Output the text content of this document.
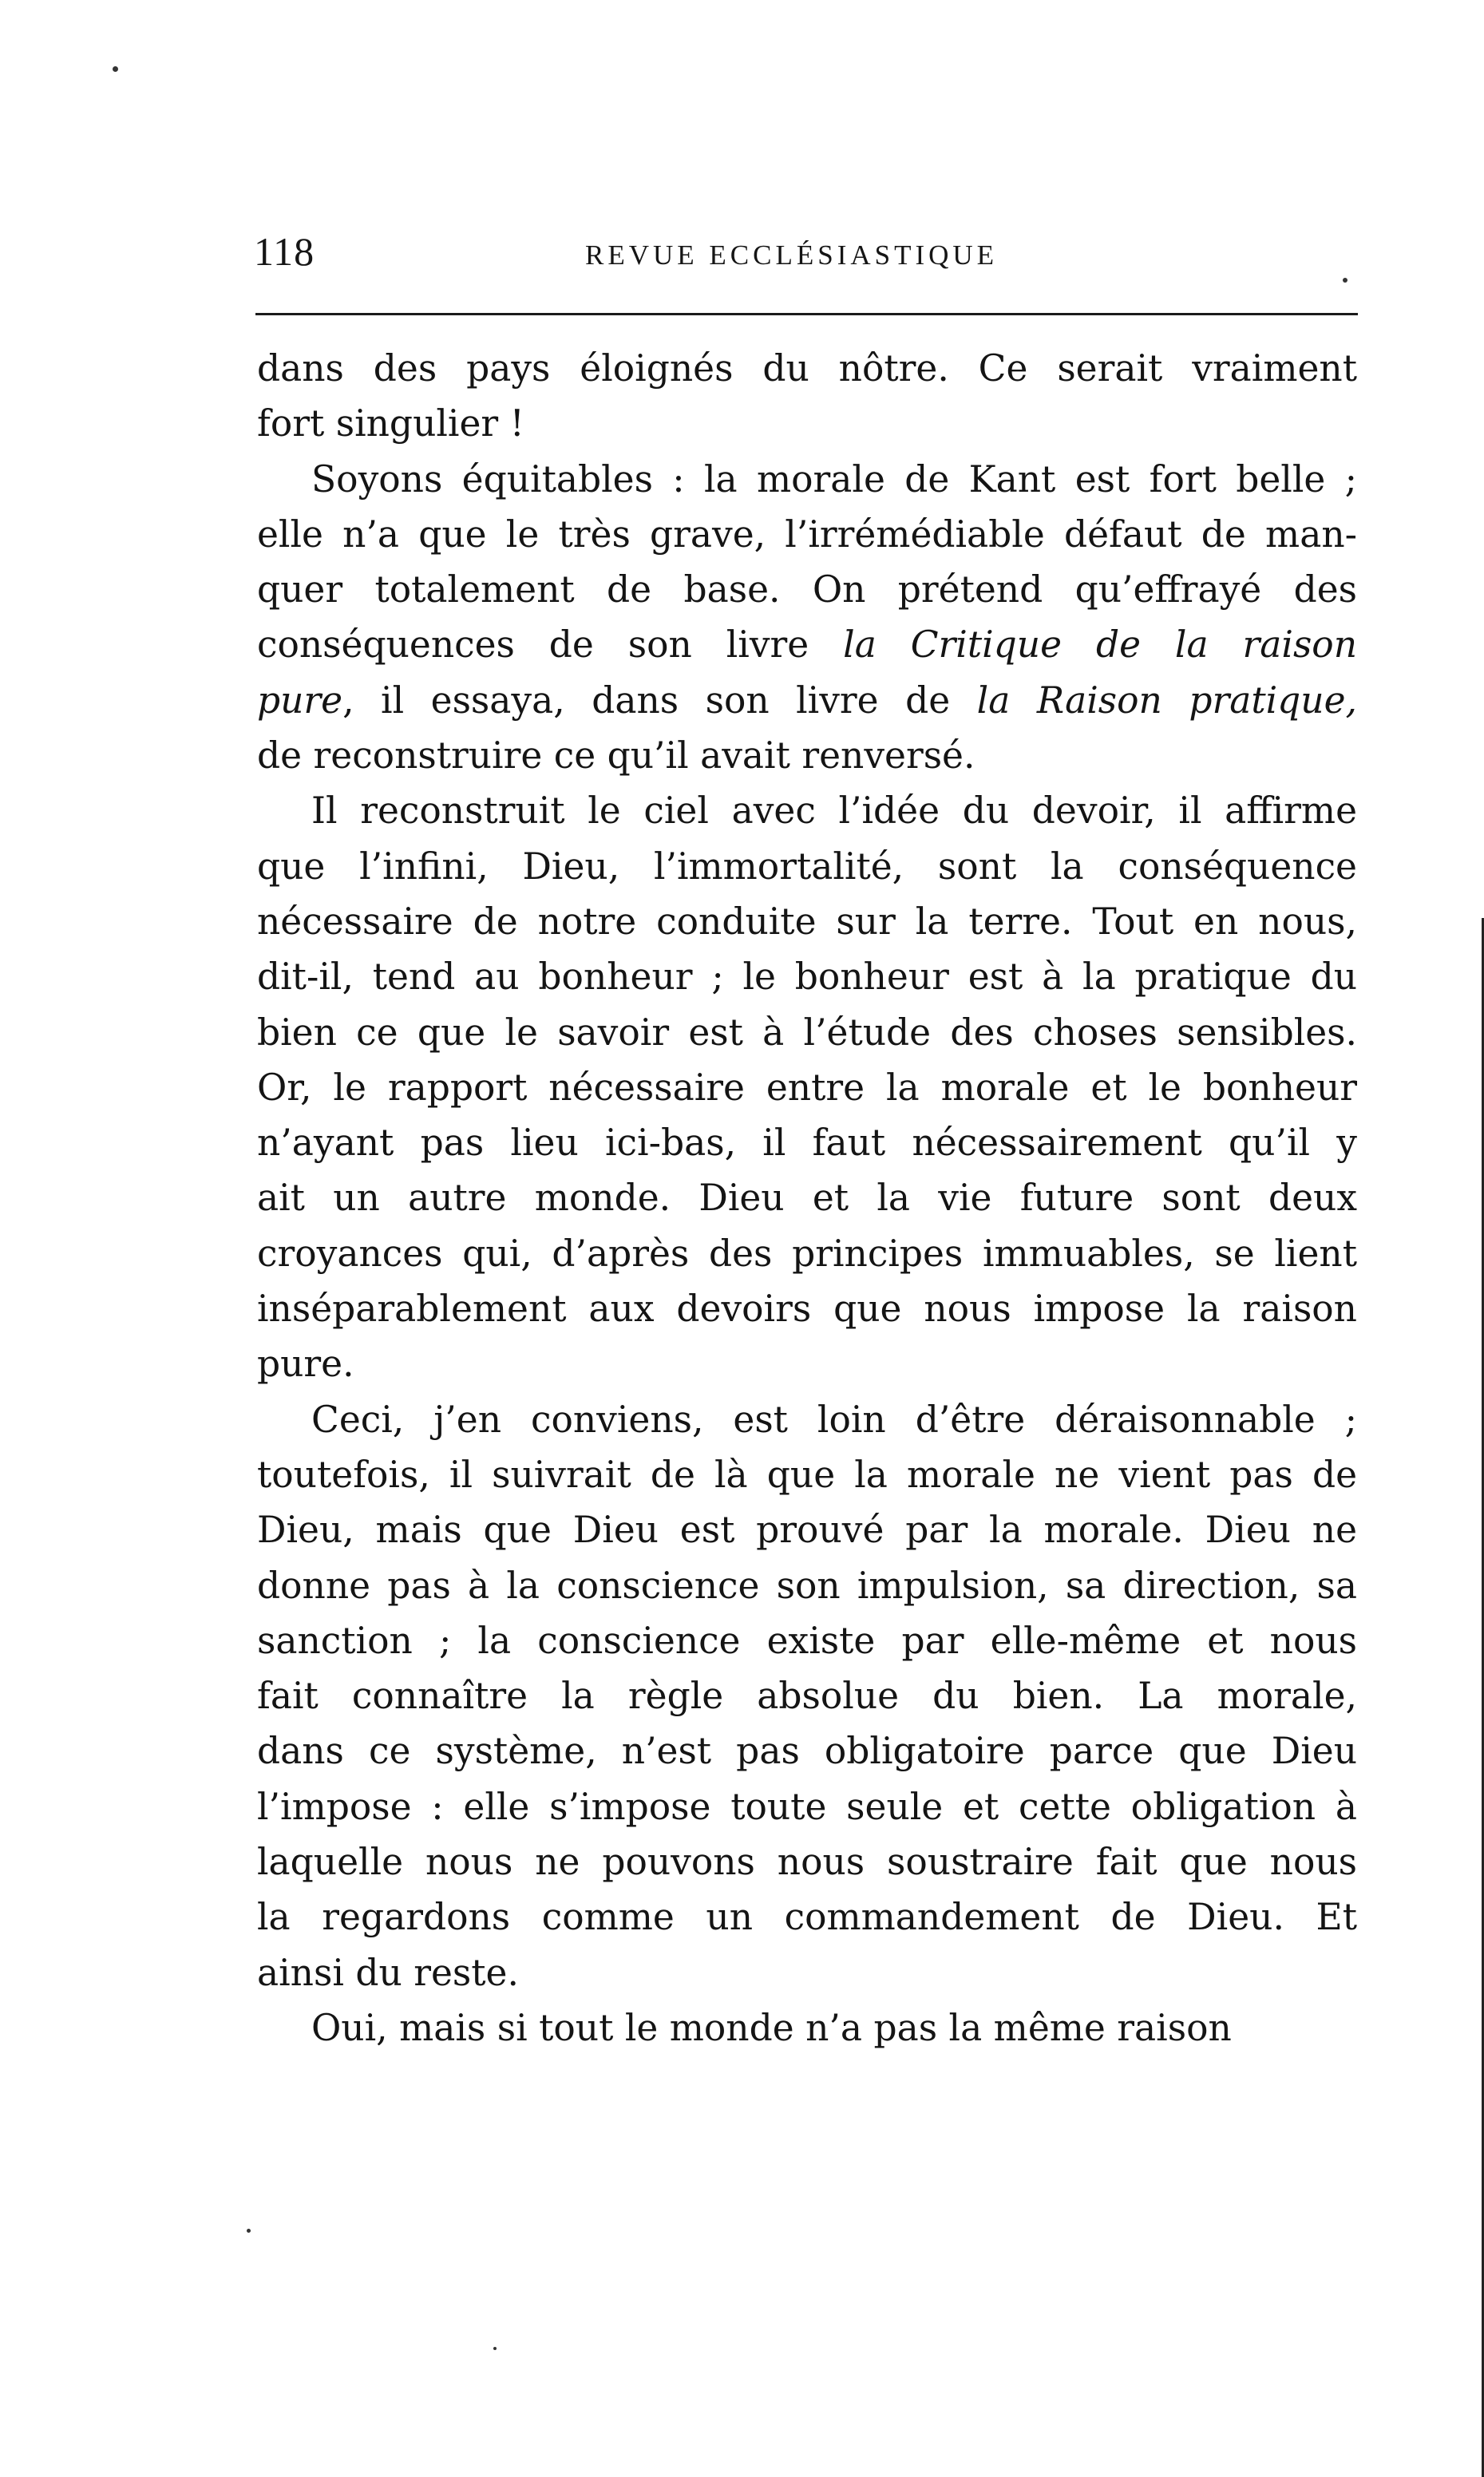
118	REVUE ECCLÉSIASTIQUE
dans des pays éloignés du nôtre. Ce serait vraiment
fort singulier !
Soyons équitables : la morale de Kant est fort belle ;
elle n’a que le très grave, l’irrémédiable défaut de man-
quer totalement de base. On prétend qu’effrayé des
conséquences de son livre la Critique de la raison
pure, il essaya, dans son livre de la Raison pratique,
de reconstruire ce qu’il avait renversé.
Il reconstruit le ciel avec l’idée du devoir, il affirme
que l’infini, Dieu, l’immortalité, sont la conséquence
nécessaire de notre conduite sur la terre. Tout en nous,
dit-il, tend au bonheur ; le bonheur est à la pratique du
bien ce que le savoir est à l’étude des choses sensibles.
Or, le rapport nécessaire entre la morale et le bonheur
n’ayant pas lieu ici-bas, il faut nécessairement qu’il y
ait un autre monde. Dieu et la vie future sont deux
croyances qui, d’après des principes immuables, se lient
inséparablement aux devoirs que nous impose la raison
pure.
Ceci, j’en conviens, est loin d’être déraisonnable ;
toutefois, il suivrait de là que la morale ne vient pas de
Dieu, mais que Dieu est prouvé par la morale. Dieu ne
donne pas à la conscience son impulsion, sa direction, sa
sanction ; la conscience existe par elle-même et nous
fait connaître la règle absolue du bien. La morale,
dans ce système, n’est pas obligatoire parce que Dieu
l’impose : elle s’impose toute seule et cette obligation à
laquelle nous ne pouvons nous soustraire fait que nous
la regardons comme un commandement de Dieu. Et
ainsi du reste.
Oui, mais si tout le monde n’a pas la même raison
